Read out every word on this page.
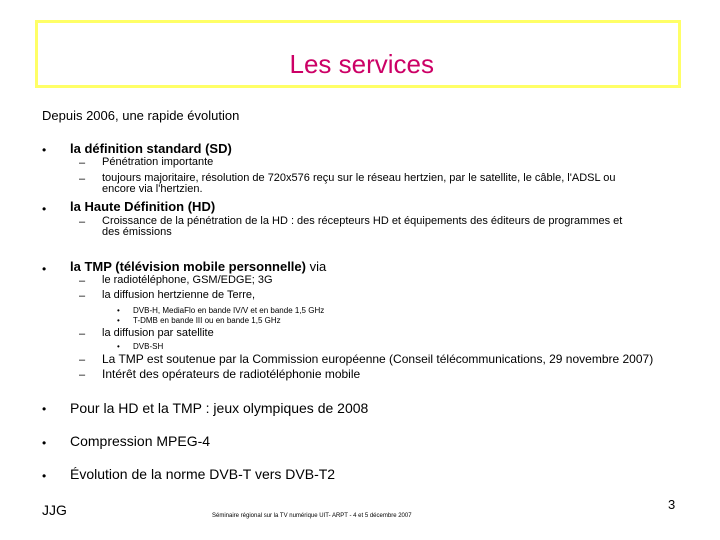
Les services
Depuis 2006, une rapide évolution
• la définition standard (SD)
– Pénétration importante
– toujours majoritaire, résolution de 720x576 reçu sur le réseau hertzien, par le satellite, le câble, l'ADSL ou
encore via l'hertzien.
• la Haute Définition (HD)
– Croissance de la pénétration de la HD : des récepteurs HD et équipements des éditeurs de programmes et
des émissions
• la TMP (télévision mobile personnelle) via
– le radiotéléphone, GSM/EDGE; 3G
– la diffusion hertzienne de Terre,
• DVB-H, MediaFlo en bande IV/V et en bande 1,5 GHz
• T-DMB en bande III ou en bande 1,5 GHz
– la diffusion par satellite
• DVB-SH
– La TMP est soutenue par la Commission européenne (Conseil télécommunications, 29 novembre 2007)
– Intérêt des opérateurs de radiotéléphonie mobile
• Pour la HD et la TMP : jeux olympiques de 2008
• Compression MPEG-4
• Évolution de la norme DVB-T vers DVB-T2
JJG	Séminaire régional sur la TV numérique UIT- ARPT - 4 et 5 décembre 2007
3
